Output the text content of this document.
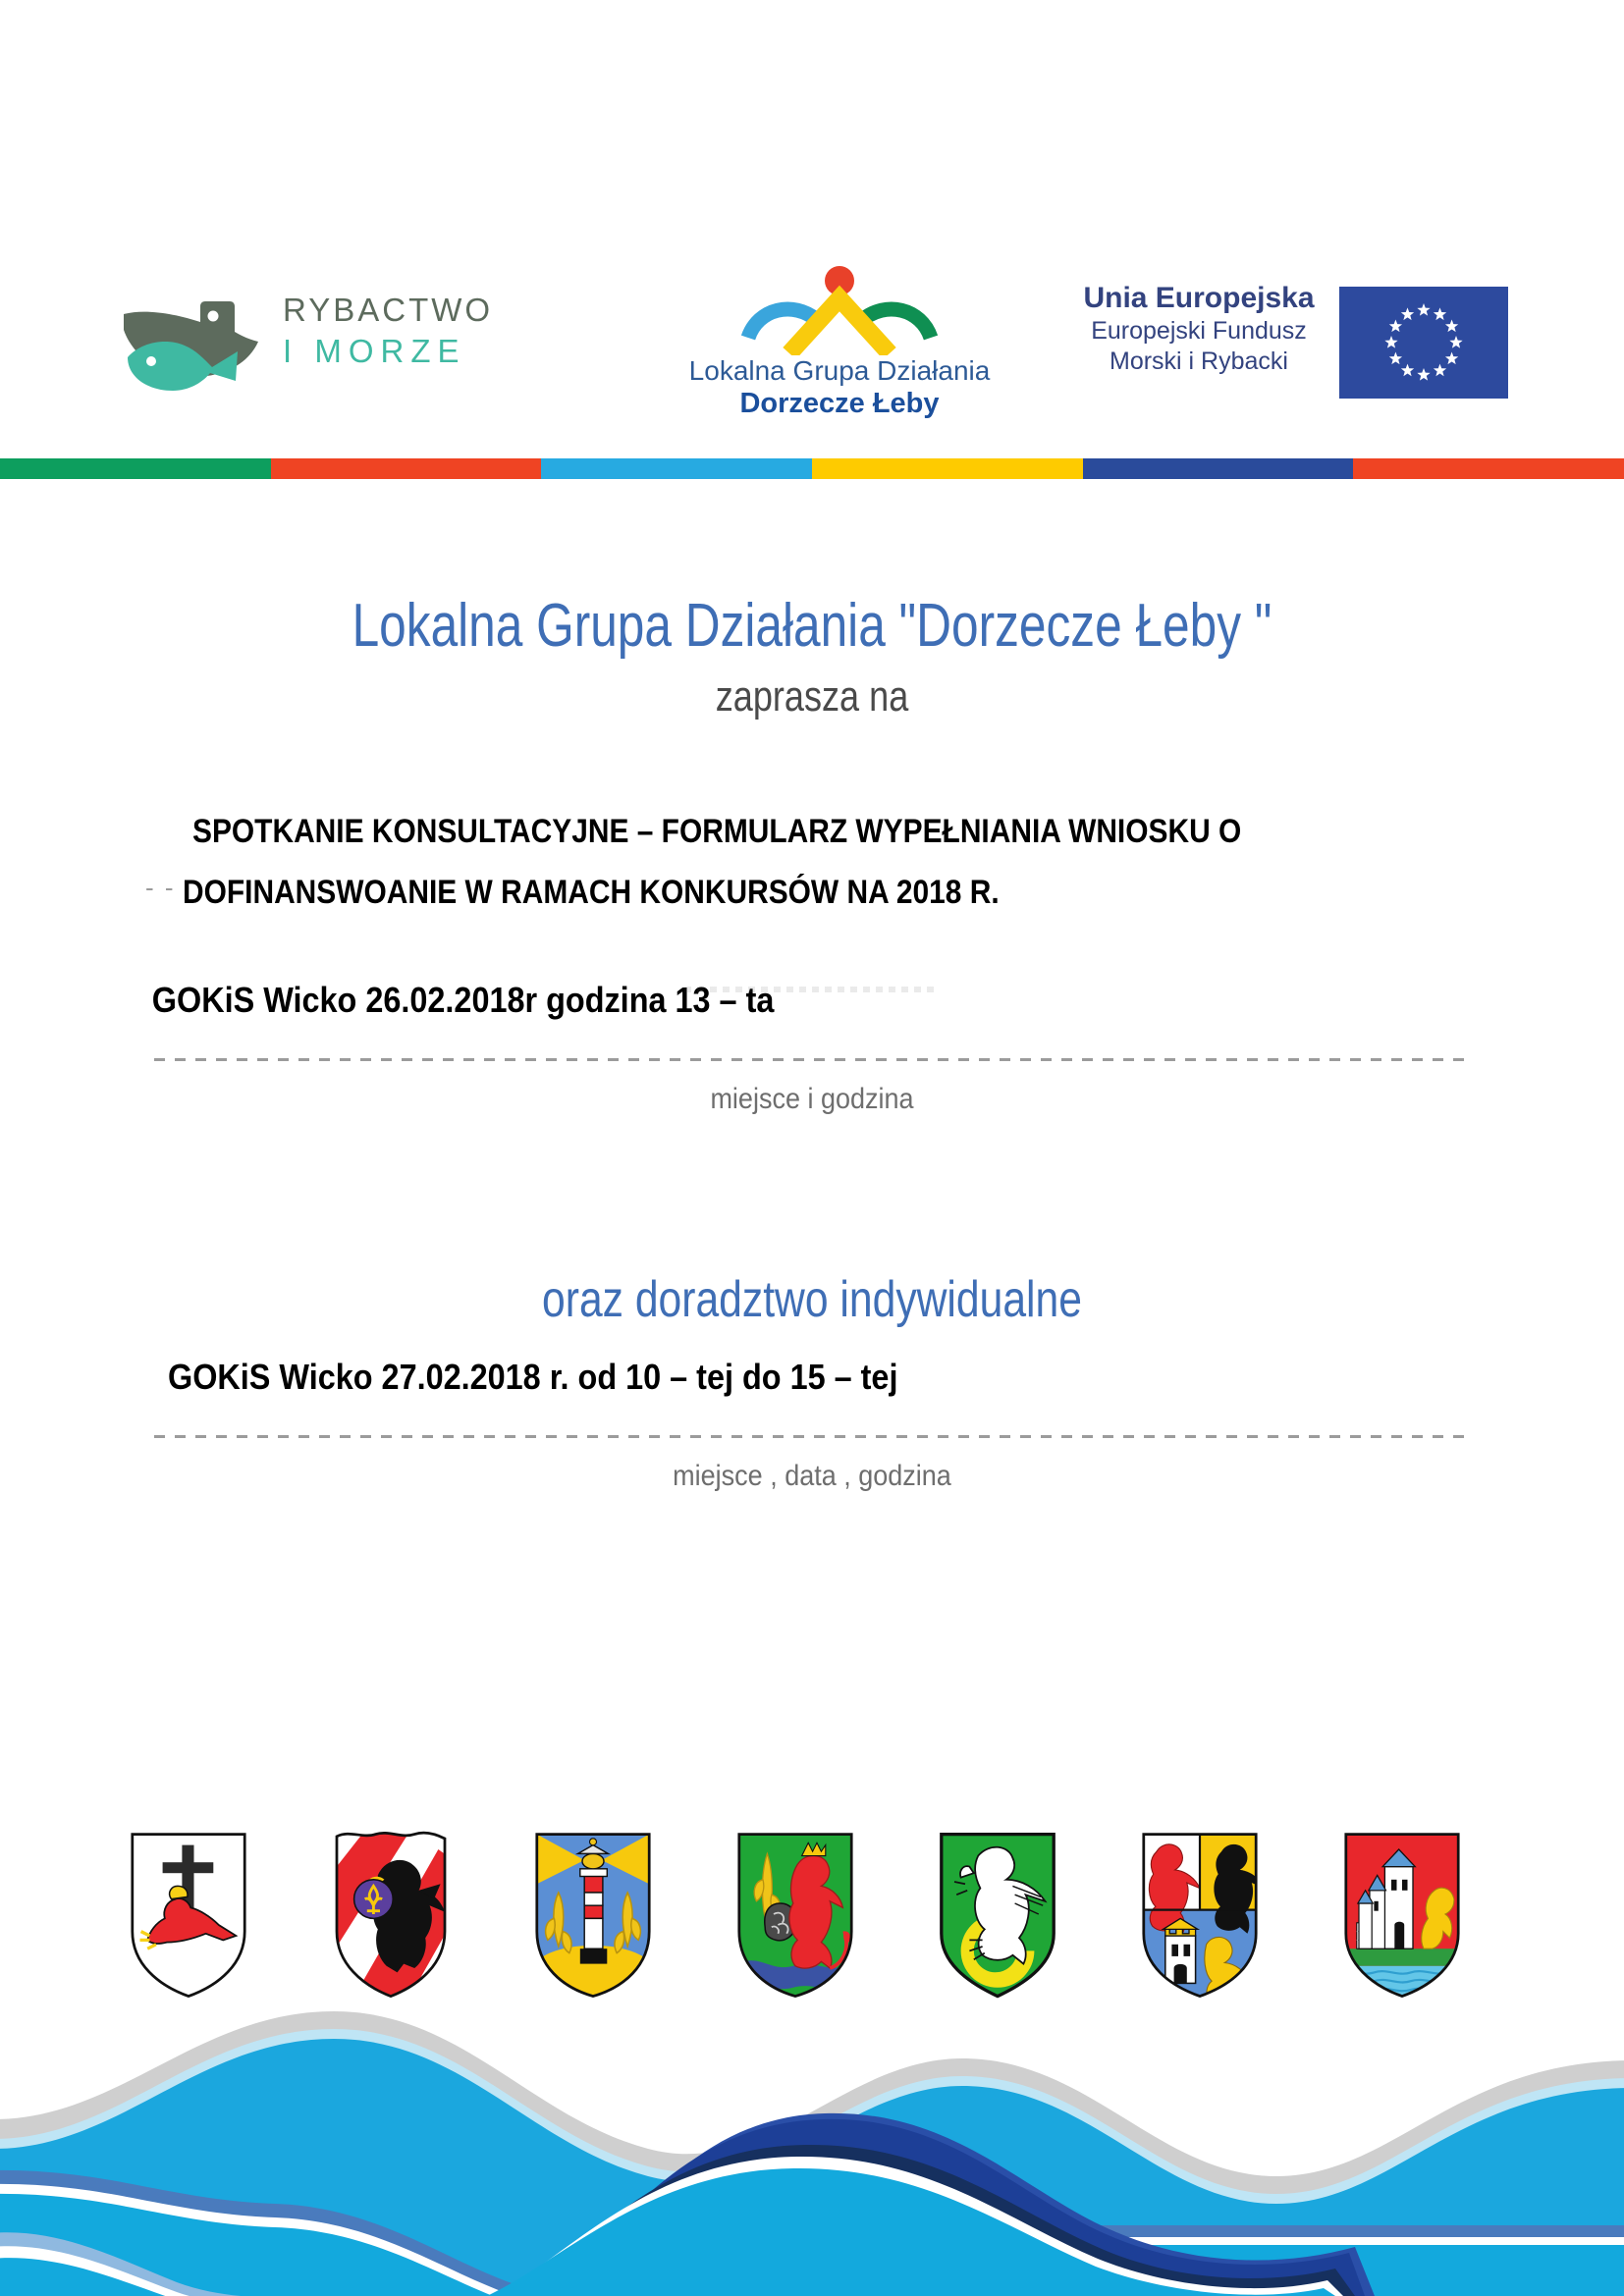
RYBACTWO
I MORZE
Lokalna Grupa Działania
Dorzecze Łeby
Unia Europejska
Europejski Fundusz
Morski i Rybacki
Lokalna Grupa Działania "Dorzecze Łeby "
zaprasza na
- -
SPOTKANIE KONSULTACYJNE – FORMULARZ WYPEŁNIANIA WNIOSKU O
DOFINANSWOANIE W RAMACH KONKURSÓW NA 2018 R.
GOKiS Wicko 26.02.2018r godzina 13 – ta
miejsce i godzina
oraz doradztwo indywidualne
GOKiS Wicko 27.02.2018 r. od 10 – tej do 15 – tej
miejsce , data , godzina
